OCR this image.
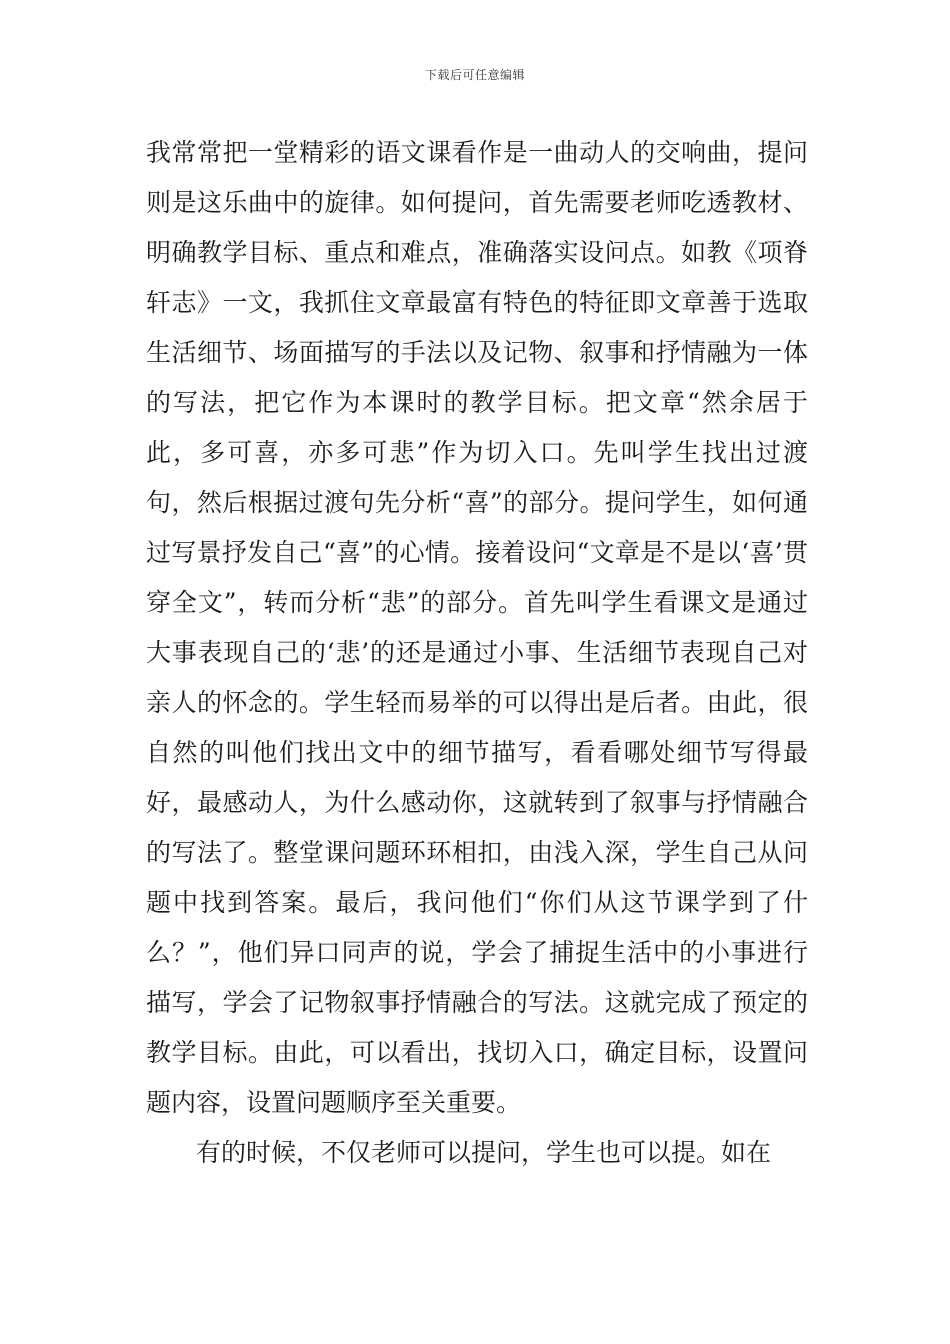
下载后可任意编辑

我常常把一堂精彩的语文课看作是一曲动人的交响曲，提问则是这乐曲中的旋律。如何提问，首先需要老师吃透教材、明确教学目标、重点和难点，准确落实设问点。如教《项脊轩志》一文，我抓住文章最富有特色的特征即文章善于选取生活细节、场面描写的手法以及记物、叙事和抒情融为一体的写法，把它作为本课时的教学目标。把文章“然余居于此，多可喜，亦多可悲”作为切入口。先叫学生找出过渡句，然后根据过渡句先分析“喜”的部分。提问学生，如何通过写景抒发自己“喜”的心情。接着设问“文章是不是以‘喜’贯穿全文”，转而分析“悲”的部分。首先叫学生看课文是通过大事表现自己的‘悲’的还是通过小事、生活细节表现自己对亲人的怀念的。学生轻而易举的可以得出是后者。由此，很自然的叫他们找出文中的细节描写，看看哪处细节写得最好，最感动人，为什么感动你，这就转到了叙事与抒情融合的写法了。整堂课问题环环相扣，由浅入深，学生自己从问题中找到答案。最后，我问他们“你们从这节课学到了什么？”，他们异口同声的说，学会了捕捉生活中的小事进行描写，学会了记物叙事抒情融合的写法。这就完成了预定的教学目标。由此，可以看出，找切入口，确定目标，设置问题内容，设置问题顺序至关重要。

有的时候，不仅老师可以提问，学生也可以提。如在
